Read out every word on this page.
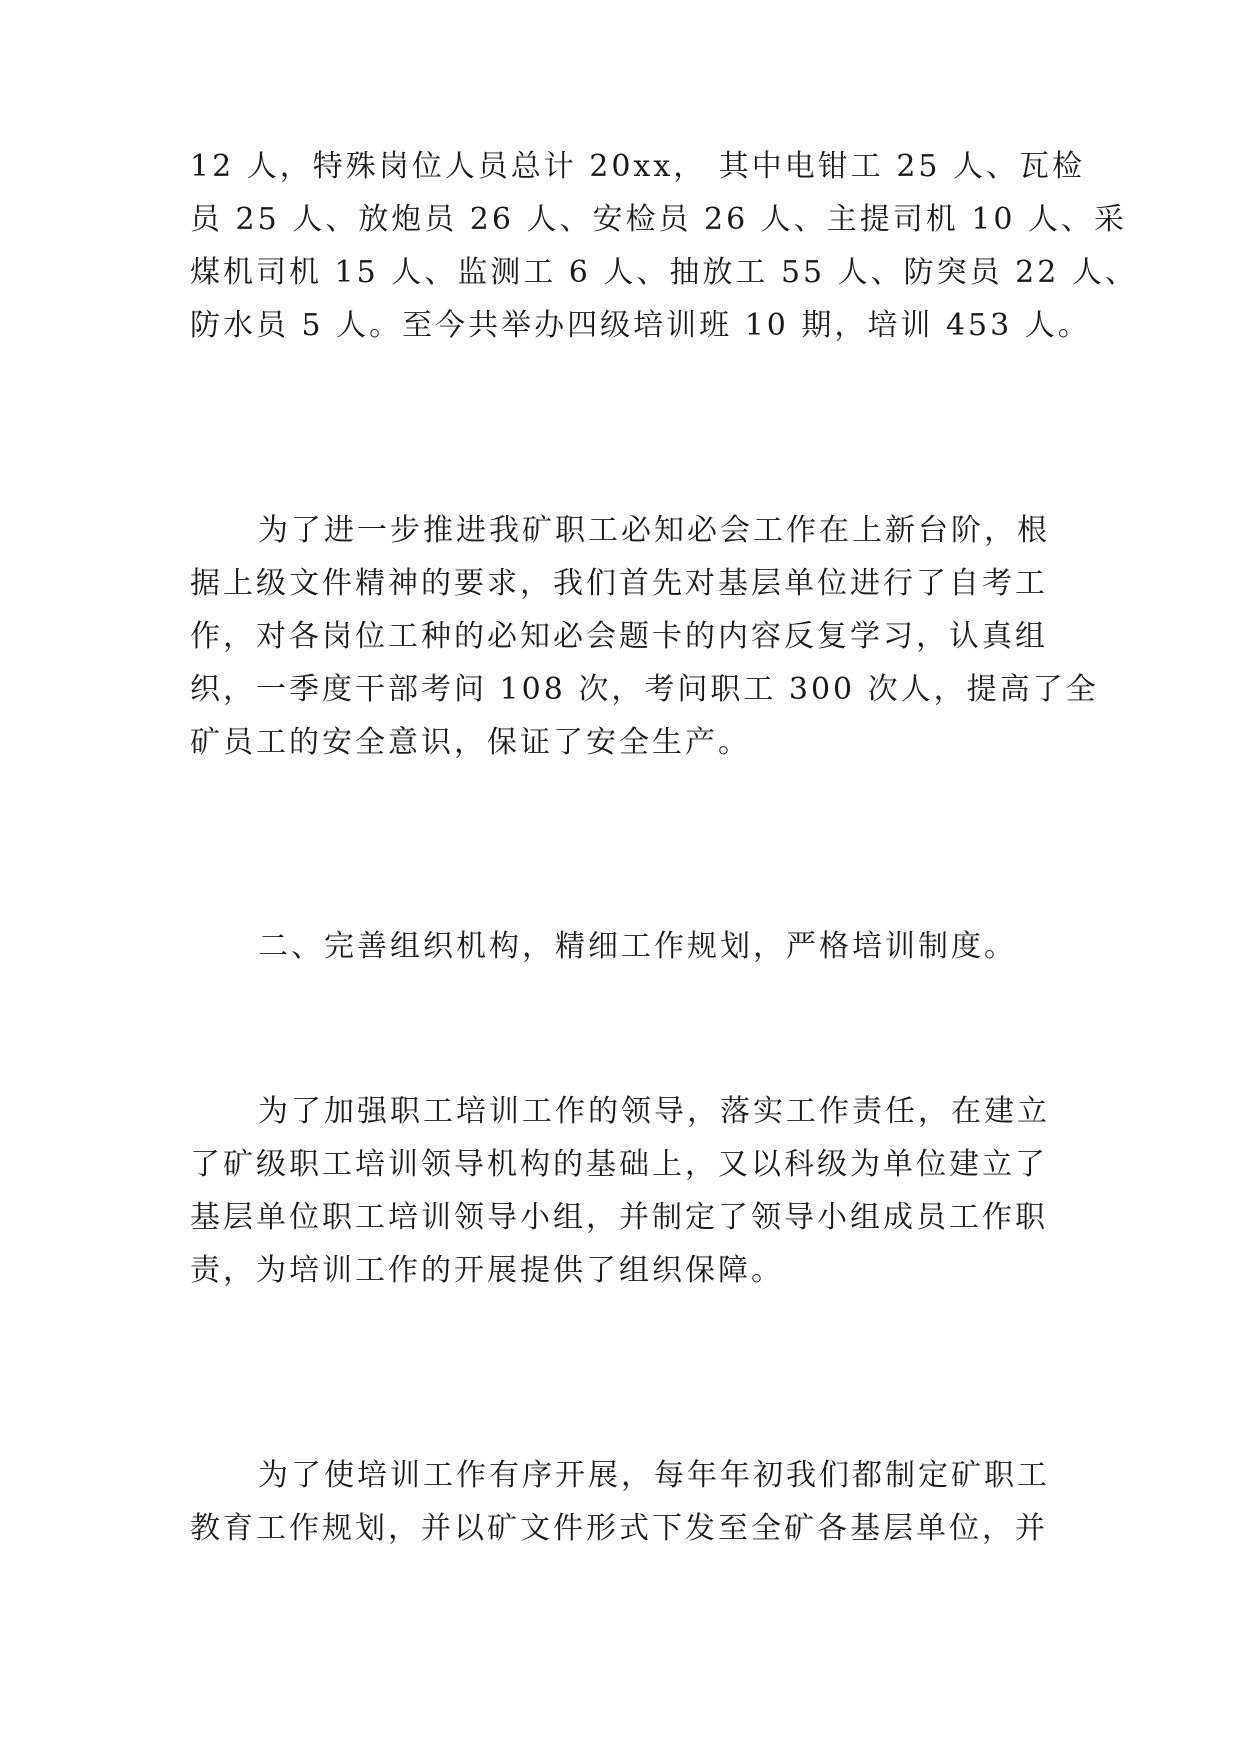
12 人，特殊岗位人员总计 20xx， 其中电钳工 25 人、瓦检
员 25 人、放炮员 26 人、安检员 26 人、主提司机 10 人、采
煤机司机 15 人、监测工 6 人、抽放工 55 人、防突员 22 人、
防水员 5 人。至今共举办四级培训班 10 期，培训 453 人。
为了进一步推进我矿职工必知必会工作在上新台阶，根
据上级文件精神的要求，我们首先对基层单位进行了自考工
作，对各岗位工种的必知必会题卡的内容反复学习，认真组
织，一季度干部考问 108 次，考问职工 300 次人，提高了全
矿员工的安全意识，保证了安全生产。
二、完善组织机构，精细工作规划，严格培训制度。
为了加强职工培训工作的领导，落实工作责任，在建立
了矿级职工培训领导机构的基础上，又以科级为单位建立了
基层单位职工培训领导小组，并制定了领导小组成员工作职
责，为培训工作的开展提供了组织保障。
为了使培训工作有序开展，每年年初我们都制定矿职工
教育工作规划，并以矿文件形式下发至全矿各基层单位，并
